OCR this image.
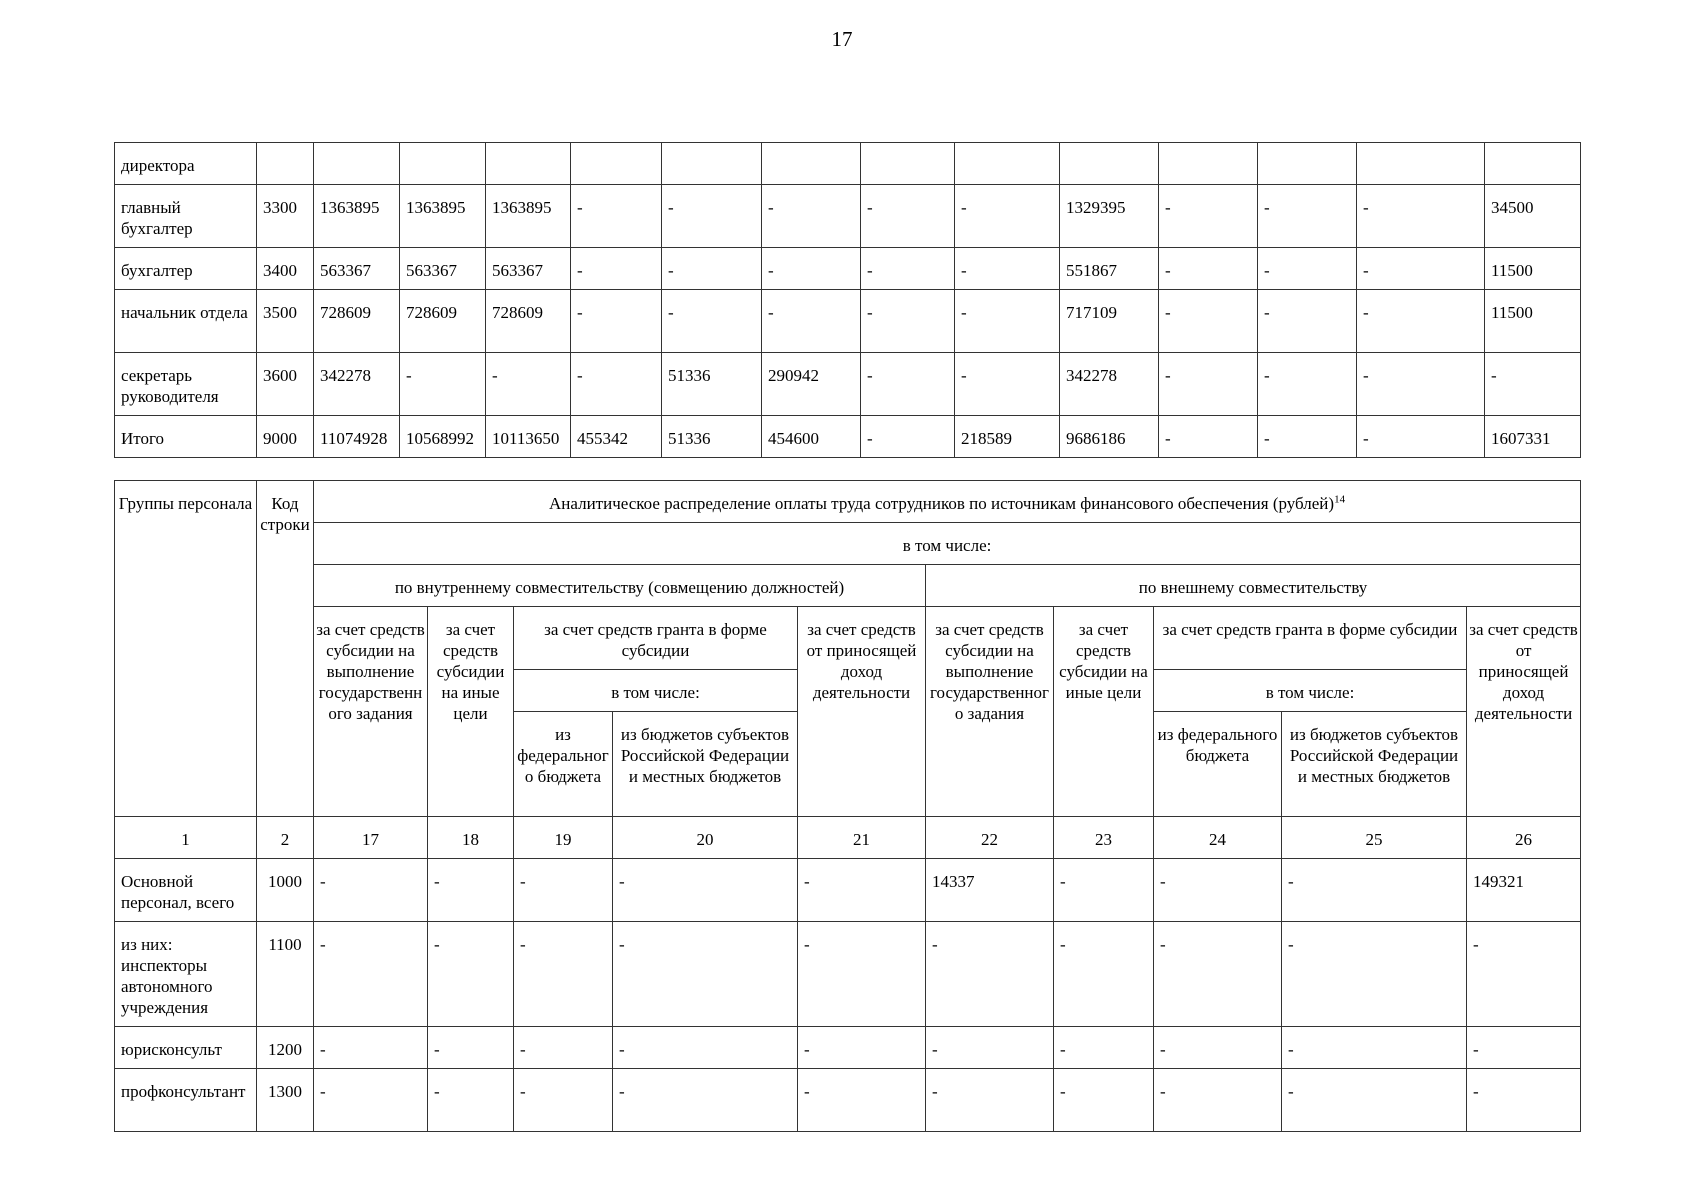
17
директора														
главный бухгалтер	3300	1363895	1363895	1363895	-	-	-	-	-	1329395	-	-	-	34500
бухгалтер	3400	563367	563367	563367	-	-	-	-	-	551867	-	-	-	11500
начальник отдела	3500	728609	728609	728609	-	-	-	-	-	717109	-	-	-	11500
секретарь руководителя	3600	342278	-	-	-	51336	290942	-	-	342278	-	-	-	-
Итого	9000	11074928	10568992	10113650	455342	51336	454600	-	218589	9686186	-	-	-	1607331
Группы персонала	Код строки	Аналитическое распределение оплаты труда сотрудников по источникам финансового обеспечения (рублей)$^{14}$
		в том числе:									
		по внутреннему совместительству (совмещению должностей)					по внешнему совместительству				
		за счет средств субсидии на выполнение государственного задания	за счет средств субсидии на иные цели	за счет средств гранта в форме субсидии		за счет средств от приносящей доход деятельности	за счет средств субсидии на выполнение государственного задания	за счет средств субсидии на иные цели	за счет средств гранта в форме субсидии		за счет средств от приносящей доход деятельности
				в том числе:					в том числе:		
				из федерального бюджета	из бюджетов субъектов Российской Федерации и местных бюджетов				из федерального бюджета	из бюджетов субъектов Российской Федерации и местных бюджетов	
1	2	17	18	19	20	21	22	23	24	25	26
Основной персонал, всего	1000	-	-	-	-	-	14337	-	-	-	149321
из них: инспекторы автономного учреждения	1100	-	-	-	-	-	-	-	-	-	-
юрисконсульт	1200	-	-	-	-	-	-	-	-	-	-
профконсультант	1300	-	-	-	-	-	-	-	-	-	-
